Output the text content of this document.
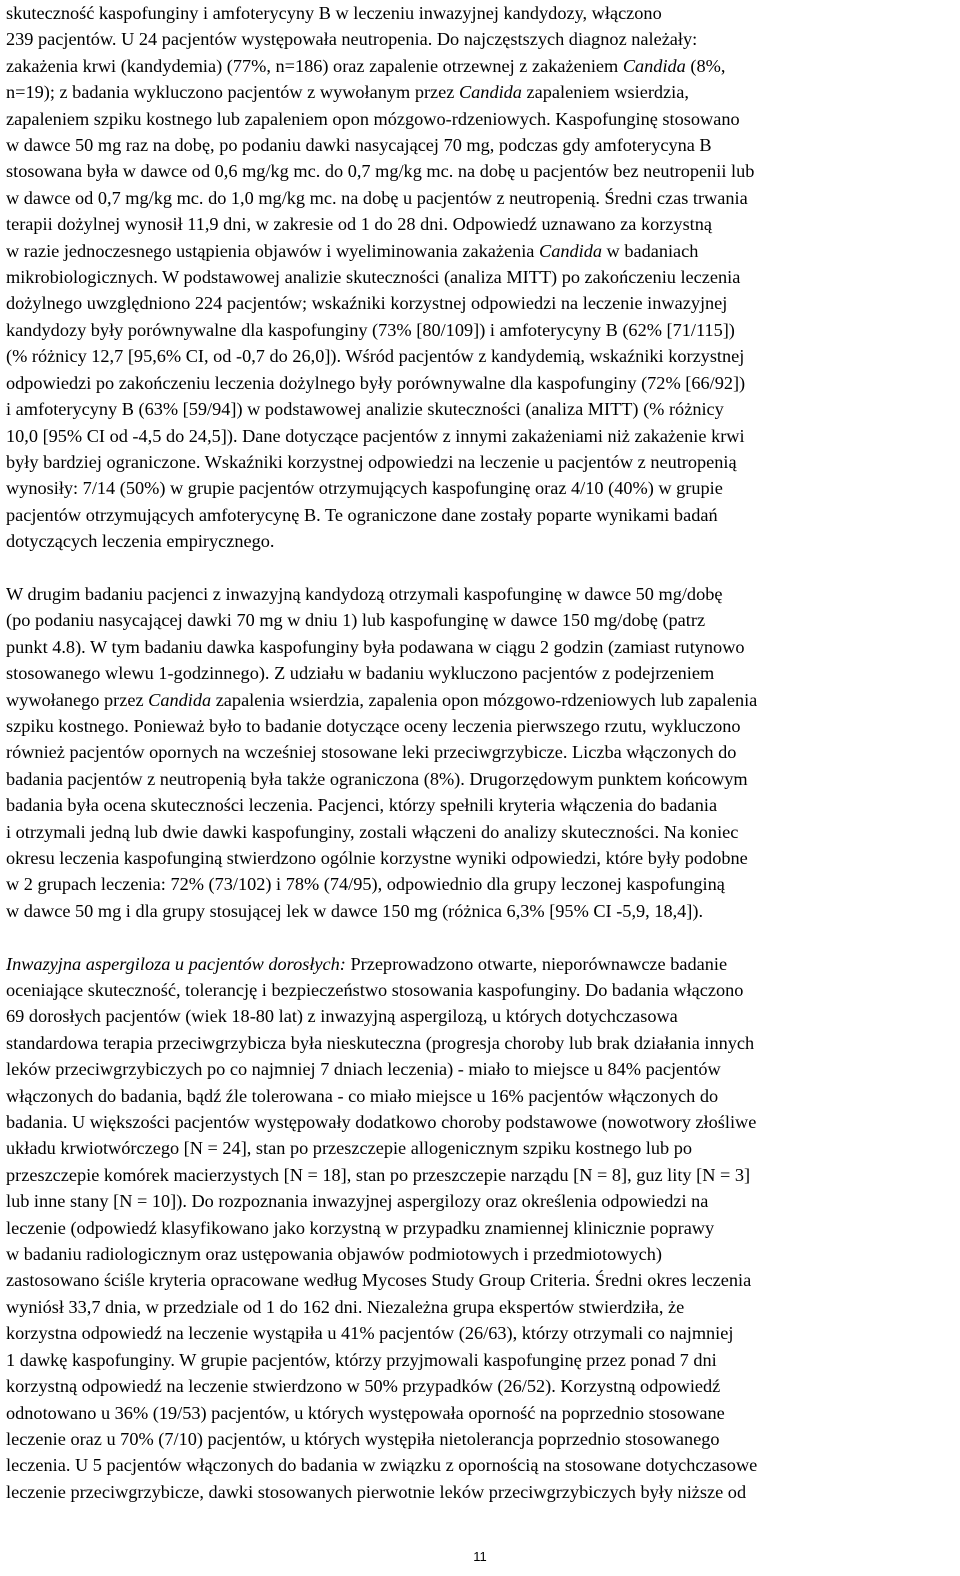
skuteczność kaspofunginy i amfoterycyny B w leczeniu inwazyjnej kandydozy, włączono
239 pacjentów. U 24 pacjentów występowała neutropenia. Do najczęstszych diagnoz należały:
zakażenia krwi (kandydemia) (77%, n=186) oraz zapalenie otrzewnej z zakażeniem Candida (8%,
n=19); z badania wykluczono pacjentów z wywołanym przez Candida zapaleniem wsierdzia,
zapaleniem szpiku kostnego lub zapaleniem opon mózgowo-rdzeniowych. Kaspofunginę stosowano
w dawce 50 mg raz na dobę, po podaniu dawki nasycającej 70 mg, podczas gdy amfoterycyna B
stosowana była w dawce od 0,6 mg/kg mc. do 0,7 mg/kg mc. na dobę u pacjentów bez neutropenii lub
w dawce od 0,7 mg/kg mc. do 1,0 mg/kg mc. na dobę u pacjentów z neutropenią. Średni czas trwania
terapii dożylnej wynosił 11,9 dni, w zakresie od 1 do 28 dni. Odpowiedź uznawano za korzystną
w razie jednoczesnego ustąpienia objawów i wyeliminowania zakażenia Candida w badaniach
mikrobiologicznych. W podstawowej analizie skuteczności (analiza MITT) po zakończeniu leczenia
dożylnego uwzględniono 224 pacjentów; wskaźniki korzystnej odpowiedzi na leczenie inwazyjnej
kandydozy były porównywalne dla kaspofunginy (73% [80/109]) i amfoterycyny B (62% [71/115])
(% różnicy 12,7 [95,6% CI, od -0,7 do 26,0]). Wśród pacjentów z kandydemią, wskaźniki korzystnej
odpowiedzi po zakończeniu leczenia dożylnego były porównywalne dla kaspofunginy (72% [66/92])
i amfoterycyny B (63% [59/94]) w podstawowej analizie skuteczności (analiza MITT) (% różnicy
10,0 [95% CI od -4,5 do 24,5]). Dane dotyczące pacjentów z innymi zakażeniami niż zakażenie krwi
były bardziej ograniczone. Wskaźniki korzystnej odpowiedzi na leczenie u pacjentów z neutropenią
wynosiły: 7/14 (50%) w grupie pacjentów otrzymujących kaspofunginę oraz 4/10 (40%) w grupie
pacjentów otrzymujących amfoterycynę B. Te ograniczone dane zostały poparte wynikami badań
dotyczących leczenia empirycznego.

W drugim badaniu pacjenci z inwazyjną kandydozą otrzymali kaspofunginę w dawce 50 mg/dobę
(po podaniu nasycającej dawki 70 mg w dniu 1) lub kaspofunginę w dawce 150 mg/dobę (patrz
punkt 4.8). W tym badaniu dawka kaspofunginy była podawana w ciągu 2 godzin (zamiast rutynowo
stosowanego wlewu 1-godzinnego). Z udziału w badaniu wykluczono pacjentów z podejrzeniem
wywołanego przez Candida zapalenia wsierdzia, zapalenia opon mózgowo-rdzeniowych lub zapalenia
szpiku kostnego. Ponieważ było to badanie dotyczące oceny leczenia pierwszego rzutu, wykluczono
również pacjentów opornych na wcześniej stosowane leki przeciwgrzybicze. Liczba włączonych do
badania pacjentów z neutropenią była także ograniczona (8%). Drugorzędowym punktem końcowym
badania była ocena skuteczności leczenia. Pacjenci, którzy spełnili kryteria włączenia do badania
i otrzymali jedną lub dwie dawki kaspofunginy, zostali włączeni do analizy skuteczności. Na koniec
okresu leczenia kaspofunginą stwierdzono ogólnie korzystne wyniki odpowiedzi, które były podobne
w 2 grupach leczenia: 72% (73/102) i 78% (74/95), odpowiednio dla grupy leczonej kaspofunginą
w dawce 50 mg i dla grupy stosującej lek w dawce 150 mg (różnica 6,3% [95% CI -5,9, 18,4]).

Inwazyjna aspergiloza u pacjentów dorosłych: Przeprowadzono otwarte, nieporównawcze badanie
oceniające skuteczność, tolerancję i bezpieczeństwo stosowania kaspofunginy. Do badania włączono
69 dorosłych pacjentów (wiek 18-80 lat) z inwazyjną aspergilozą, u których dotychczasowa
standardowa terapia przeciwgrzybicza była nieskuteczna (progresja choroby lub brak działania innych
leków przeciwgrzybiczych po co najmniej 7 dniach leczenia) - miało to miejsce u 84% pacjentów
włączonych do badania, bądź źle tolerowana - co miało miejsce u 16% pacjentów włączonych do
badania. U większości pacjentów występowały dodatkowo choroby podstawowe (nowotwory złośliwe
układu krwiotwórczego [N = 24], stan po przeszczepie allogenicznym szpiku kostnego lub po
przeszczepie komórek macierzystych [N = 18], stan po przeszczepie narządu [N = 8], guz lity [N = 3]
lub inne stany [N = 10]). Do rozpoznania inwazyjnej aspergilozy oraz określenia odpowiedzi na
leczenie (odpowiedź klasyfikowano jako korzystną w przypadku znamiennej klinicznie poprawy
w badaniu radiologicznym oraz ustępowania objawów podmiotowych i przedmiotowych)
zastosowano ściśle kryteria opracowane według Mycoses Study Group Criteria. Średni okres leczenia
wyniósł 33,7 dnia, w przedziale od 1 do 162 dni. Niezależna grupa ekspertów stwierdziła, że
korzystna odpowiedź na leczenie wystąpiła u 41% pacjentów (26/63), którzy otrzymali co najmniej
1 dawkę kaspofunginy. W grupie pacjentów, którzy przyjmowali kaspofunginę przez ponad 7 dni
korzystną odpowiedź na leczenie stwierdzono w 50% przypadków (26/52). Korzystną odpowiedź
odnotowano u 36% (19/53) pacjentów, u których występowała oporność na poprzednio stosowane
leczenie oraz u 70% (7/10) pacjentów, u których występiła nietolerancja poprzednio stosowanego
leczenia. U 5 pacjentów włączonych do badania w związku z opornością na stosowane dotychczasowe
leczenie przeciwgrzybicze, dawki stosowanych pierwotnie leków przeciwgrzybiczych były niższe od

11
